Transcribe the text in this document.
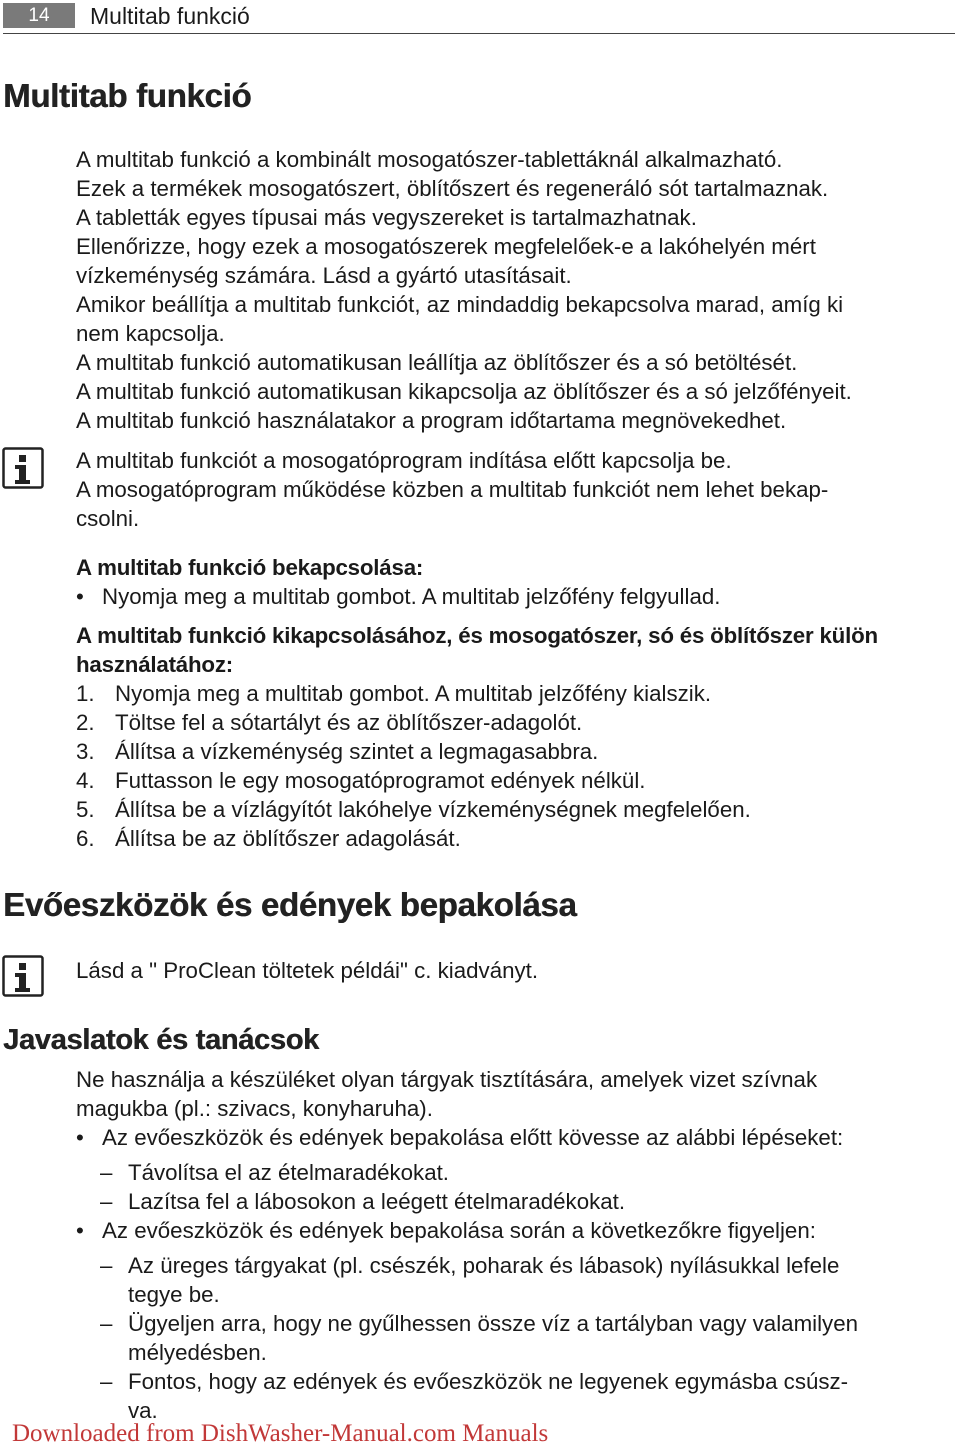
14	Multitab funkció
Multitab funkció

A multitab funkció a kombinált mosogatószer-tablettáknál alkalmazható.

Ezek a termékek mosogatószert, öblítőszert és regeneráló sót tartalmaznak.

A tabletták egyes típusai más vegyszereket is tartalmazhatnak.

Ellenőrizze, hogy ezek a mosogatószerek megfelelőek-e a lakóhelyén mért

vízkeménység számára. Lásd a gyártó utasításait.

Amikor beállítja a multitab funkciót, az mindaddig bekapcsolva marad, amíg ki

nem kapcsolja.

A multitab funkció automatikusan leállítja az öblítőszer és a só betöltését.

A multitab funkció automatikusan kikapcsolja az öblítőszer és a só jelzőfényeit.

A multitab funkció használatakor a program időtartama megnövekedhet.

A multitab funkciót a mosogatóprogram indítása előtt kapcsolja be.

A mosogatóprogram működése közben a multitab funkciót nem lehet bekap-

csolni.

A multitab funkció bekapcsolása:

• Nyomja meg a multitab gombot. A multitab jelzőfény felgyullad.

A multitab funkció kikapcsolásához, és mosogatószer, só és öblítőszer külön

használatához:

1. Nyomja meg a multitab gombot. A multitab jelzőfény kialszik.

2. Töltse fel a sótartályt és az öblítőszer-adagolót.

3. Állítsa a vízkeménység szintet a legmagasabbra.

4. Futtasson le egy mosogatóprogramot edények nélkül.

5. Állítsa be a vízlágyítót lakóhelye vízkeménységnek megfelelően.

6. Állítsa be az öblítőszer adagolását.

Evőeszközök és edények bepakolása

Lásd a " ProClean töltetek példái" c. kiadványt.

Javaslatok és tanácsok

Ne használja a készüléket olyan tárgyak tisztítására, amelyek vizet szívnak

magukba (pl.: szivacs, konyharuha).

• Az evőeszközök és edények bepakolása előtt kövesse az alábbi lépéseket:

– Távolítsa el az ételmaradékokat.

– Lazítsa fel a lábosokon a leégett ételmaradékokat.

• Az evőeszközök és edények bepakolása során a következőkre figyeljen:

– Az üreges tárgyakat (pl. csészék, poharak és lábasok) nyílásukkal lefele

tegye be.

– Ügyeljen arra, hogy ne gyűlhessen össze víz a tartályban vagy valamilyen

mélyedésben.

– Fontos, hogy az edények és evőeszközök ne legyenek egymásba csúsz-

va.

Downloaded from DishWasher-Manual.com Manuals
